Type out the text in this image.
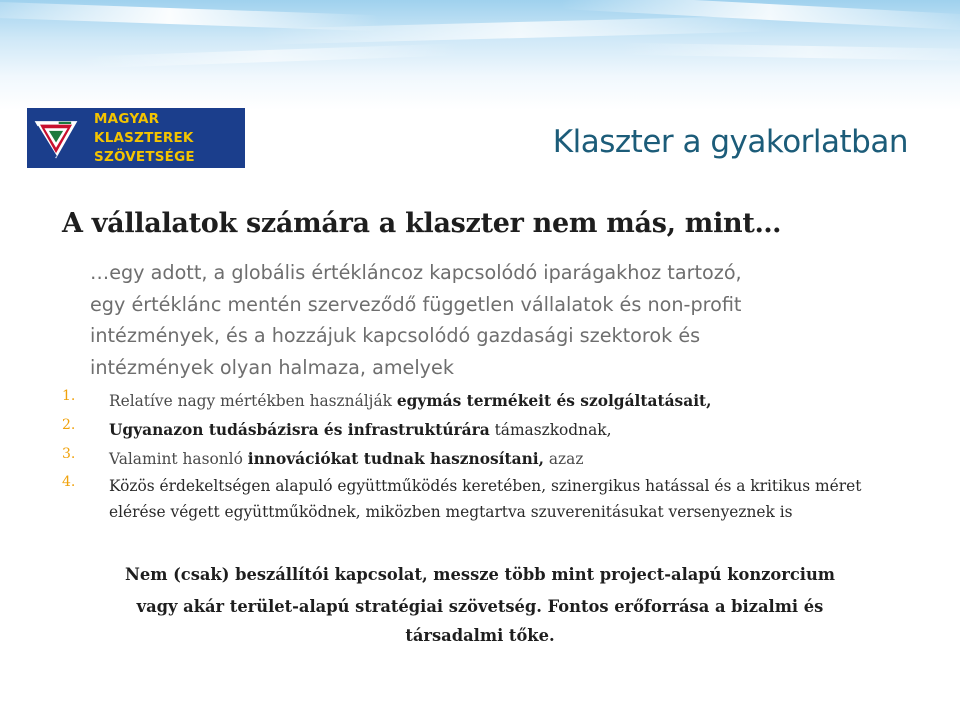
MAGYAR KLASZTEREK
SZÖVETSÉGE	Klaszter a gyakorlatban
A vállalatok számára a klaszter nem más, mint…
…egy adott, a globális értékláncoz kapcsolódó iparágakhoz tartozó,
egy értéklánc mentén szerveződő független vállalatok és non-profit
intézmények, és a hozzájuk kapcsolódó gazdasági szektorok és
intézmények olyan halmaza, amelyek
1. Relatíve nagy mértékben használják egymás termékeit és szolgáltatásait,
2. Ugyanazon tudásbázisra és infrastruktúrára támaszkodnak,
3. Valamint hasonló innovációkat tudnak hasznosítani, azaz
4. Közös érdekeltségen alapuló együttműködés keretében, szinergikus hatással és a kritikus méret elérése végett együttműködnek, miközben megtartva szuverenitásukat versenyeznek is
Nem (csak) beszállítói kapcsolat, messze több mint project-alapú konzorcium
vagy akár terület-alapú stratégiai szövetség. Fontos erőforrása a bizalmi és társadalmi tőke.
